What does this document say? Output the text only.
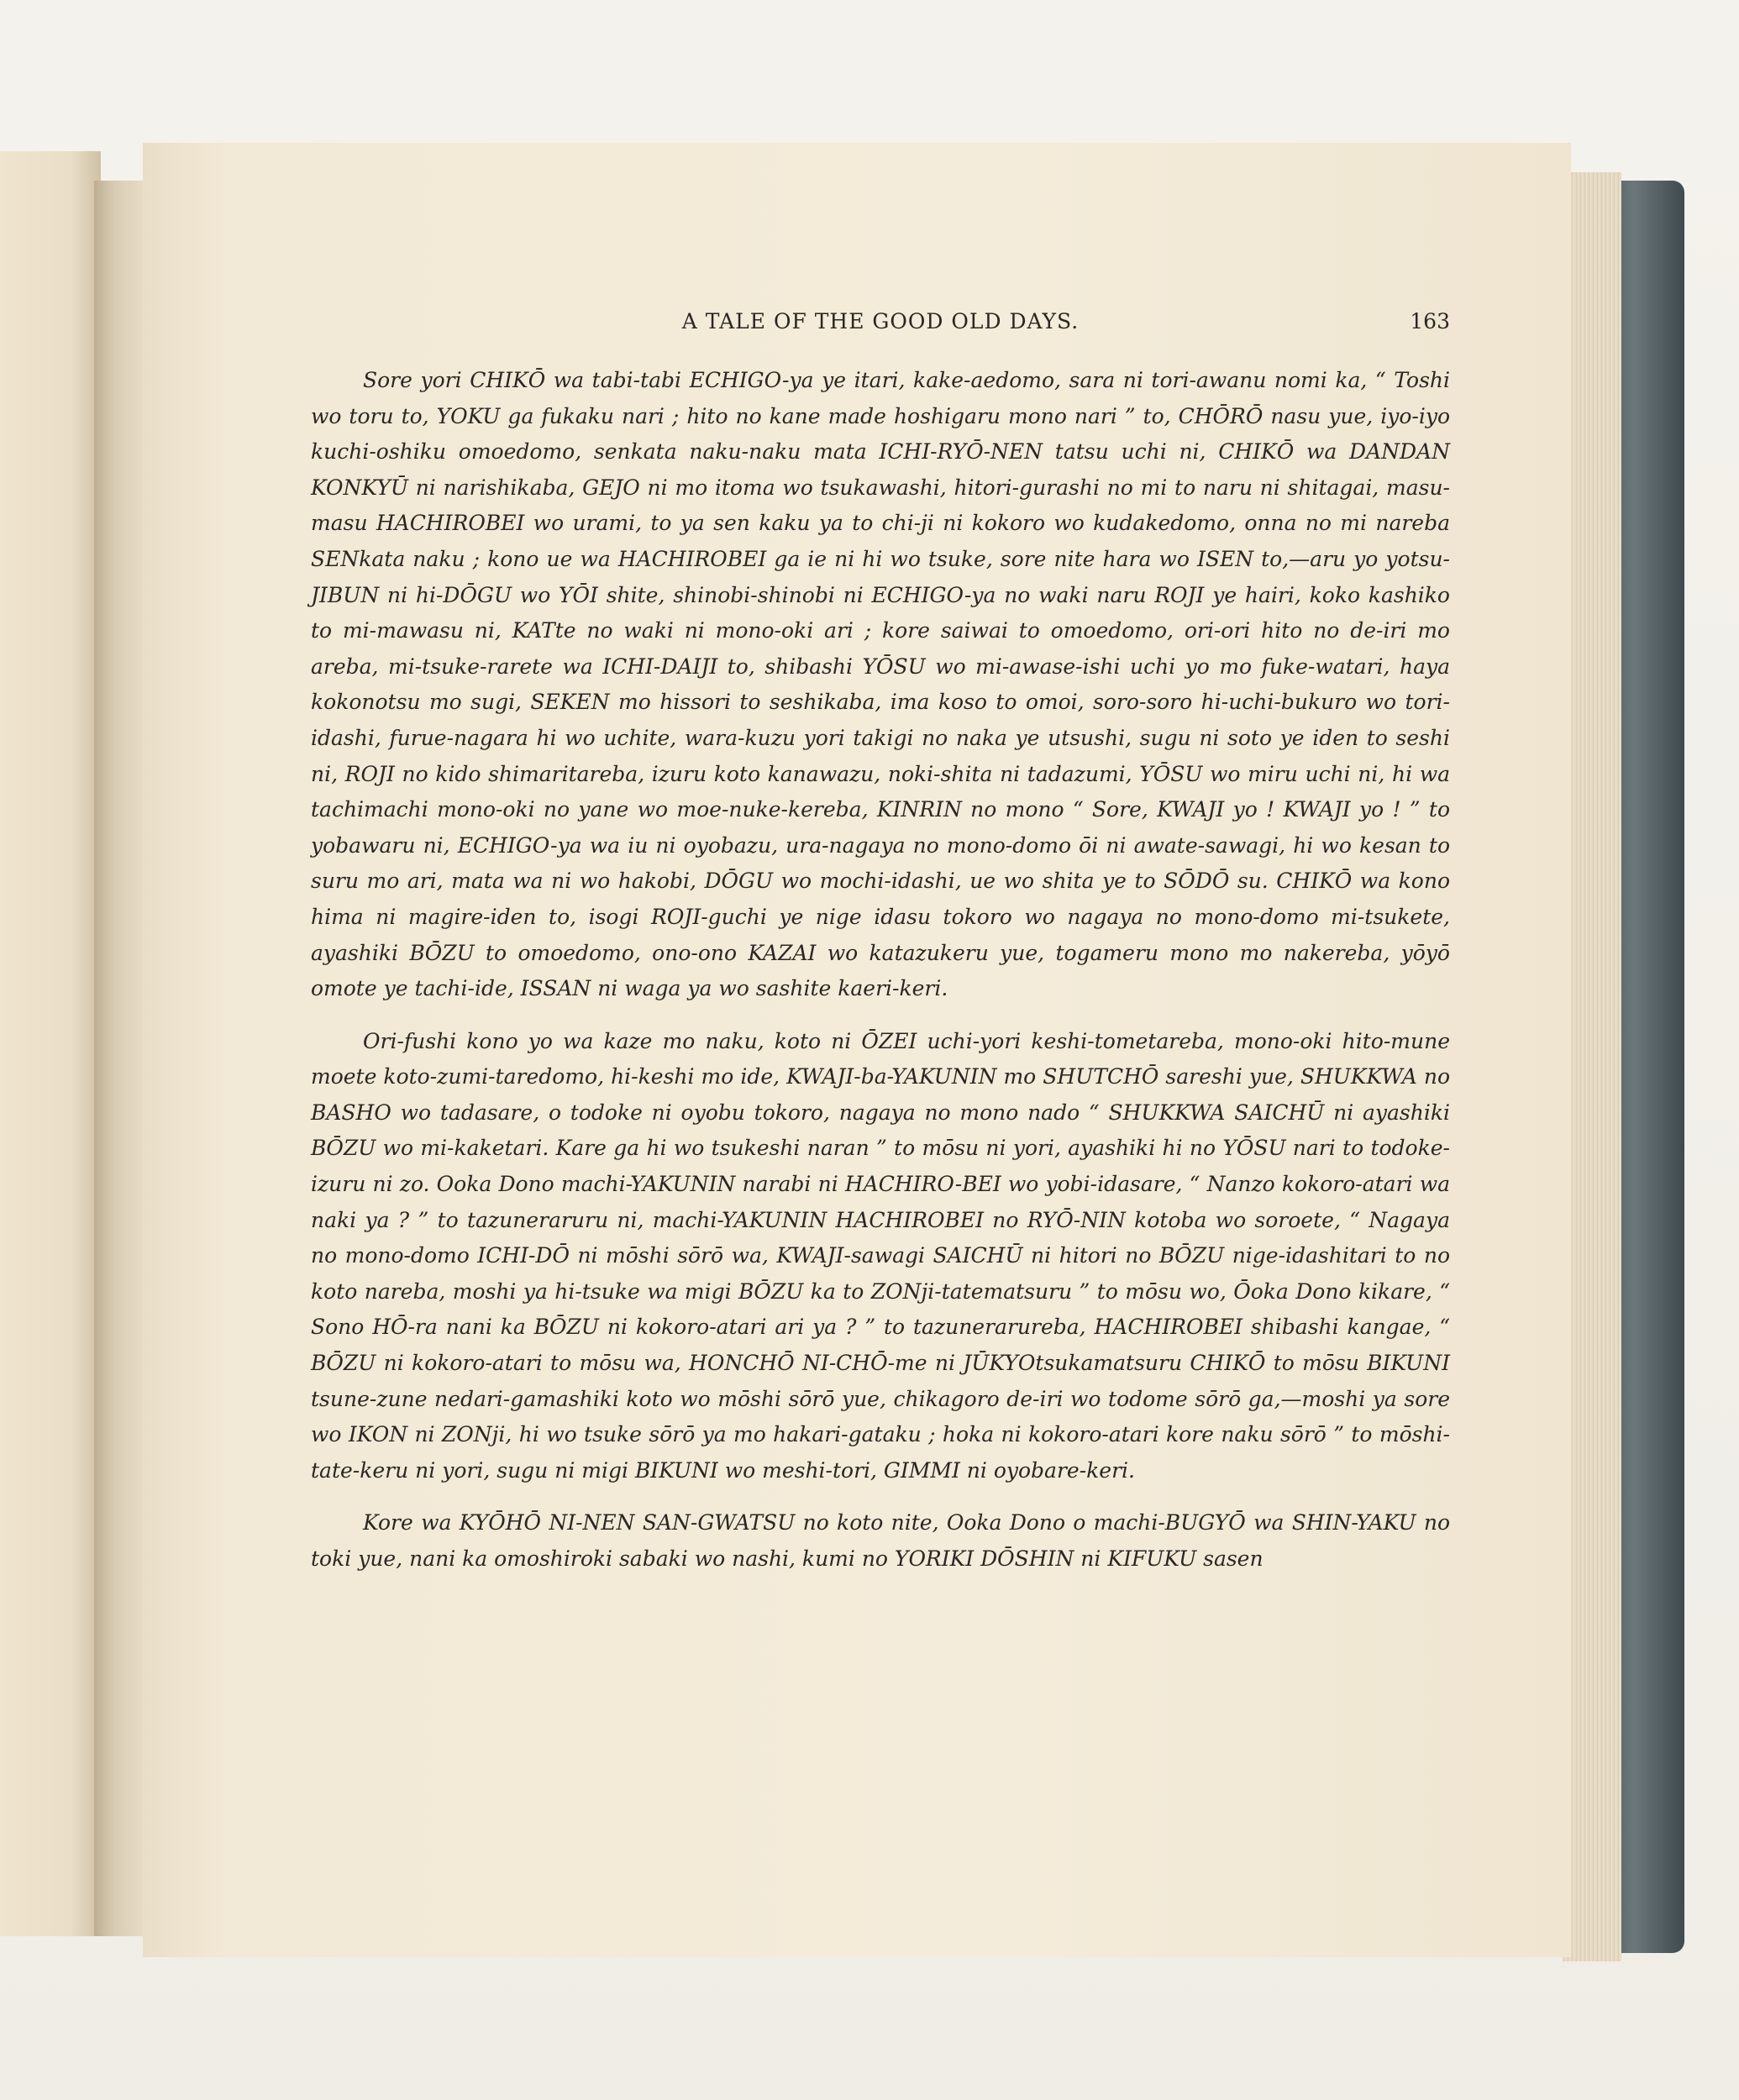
A TALE OF THE GOOD OLD DAYS.	163

Sore yori CHIKŌ wa tabi-tabi ECHIGO-ya ye itari, kake-aedomo, sara ni tori-awanu nomi ka, “ Toshi wo toru to, YOKU ga fukaku nari ; hito no kane made hoshigaru mono nari ” to, CHŌRŌ nasu yue, iyo-iyo kuchi-oshiku omoedomo, senkata naku-naku mata ICHI-RYŌ-NEN tatsu uchi ni, CHIKŌ wa DANDAN KONKYŪ ni narishikaba, GEJO ni mo itoma wo tsukawashi, hitori-gurashi no mi to naru ni shitagai, masu-masu HACHIROBEI wo urami, to ya sen kaku ya to chi-ji ni kokoro wo kudakedomo, onna no mi nareba SENkata naku ; kono ue wa HACHIROBEI ga ie ni hi wo tsuke, sore nite hara wo ISEN to,—aru yo yotsu-JIBUN ni hi-DŌGU wo YŌI shite, shinobi-shinobi ni ECHIGO-ya no waki naru ROJI ye hairi, koko kashiko to mi-mawasu ni, KATte no waki ni mono-oki ari ; kore saiwai to omoedomo, ori-ori hito no de-iri mo areba, mi-tsuke-rarete wa ICHI-DAIJI to, shibashi YŌSU wo mi-awase-ishi uchi yo mo fuke-watari, haya kokonotsu mo sugi, SEKEN mo hissori to seshikaba, ima koso to omoi, soro-soro hi-uchi-bukuro wo tori-idashi, furue-nagara hi wo uchite, wara-kuzu yori takigi no naka ye utsushi, sugu ni soto ye iden to seshi ni, ROJI no kido shimaritareba, izuru koto kanawazu, noki-shita ni tadazumi, YŌSU wo miru uchi ni, hi wa tachimachi mono-oki no yane wo moe-nuke-kereba, KINRIN no mono “ Sore, KWAJI yo ! KWAJI yo ! ” to yobawaru ni, ECHIGO-ya wa iu ni oyobazu, ura-nagaya no mono-domo ōi ni awate-sawagi, hi wo kesan to suru mo ari, mata wa ni wo hakobi, DŌGU wo mochi-idashi, ue wo shita ye to SŌDŌ su. CHIKŌ wa kono hima ni magire-iden to, isogi ROJI-guchi ye nige idasu tokoro wo nagaya no mono-domo mi-tsukete, ayashiki BŌZU to omoedomo, ono-ono KAZAI wo katazukeru yue, togameru mono mo nakereba, yōyō omote ye tachi-ide, ISSAN ni waga ya wo sashite kaeri-keri.

Ori-fushi kono yo wa kaze mo naku, koto ni ŌZEI uchi-yori keshi-tometareba, mono-oki hito-mune moete koto-zumi-taredomo, hi-keshi mo ide, KWAJI-ba-YAKUNIN mo SHUTCHŌ sareshi yue, SHUKKWA no BASHO wo tadasare, o todoke ni oyobu tokoro, nagaya no mono nado “ SHUKKWA SAICHŪ ni ayashiki BŌZU wo mi-kaketari. Kare ga hi wo tsukeshi naran ” to mōsu ni yori, ayashiki hi no YŌSU nari to todoke-izuru ni zo. Ooka Dono machi-YAKUNIN narabi ni HACHIRO-BEI wo yobi-idasare, “ Nanzo kokoro-atari wa naki ya ? ” to tazuneraruru ni, machi-YAKUNIN HACHIROBEI no RYŌ-NIN kotoba wo soroete, “ Nagaya no mono-domo ICHI-DŌ ni mōshi sōrō wa, KWAJI-sawagi SAICHŪ ni hitori no BŌZU nige-idashitari to no koto nareba, moshi ya hi-tsuke wa migi BŌZU ka to ZONji-tatematsuru ” to mōsu wo, Ōoka Dono kikare, “ Sono HŌ-ra nani ka BŌZU ni kokoro-atari ari ya ? ” to tazunerarureba, HACHIROBEI shibashi kangae, “ BŌZU ni kokoro-atari to mōsu wa, HONCHŌ NI-CHŌ-me ni JŪKYOtsukamatsuru CHIKŌ to mōsu BIKUNI tsune-zune nedari-gamashiki koto wo mōshi sōrō yue, chikagoro de-iri wo todome sōrō ga,—moshi ya sore wo IKON ni ZONji, hi wo tsuke sōrō ya mo hakari-gataku ; hoka ni kokoro-atari kore naku sōrō ” to mōshi-tate-keru ni yori, sugu ni migi BIKUNI wo meshi-tori, GIMMI ni oyobare-keri.

Kore wa KYŌHŌ NI-NEN SAN-GWATSU no koto nite, Ooka Dono o machi-BUGYŌ wa SHIN-YAKU no toki yue, nani ka omoshiroki sabaki wo nashi, kumi no YORIKI DŌSHIN ni KIFUKU sasen
